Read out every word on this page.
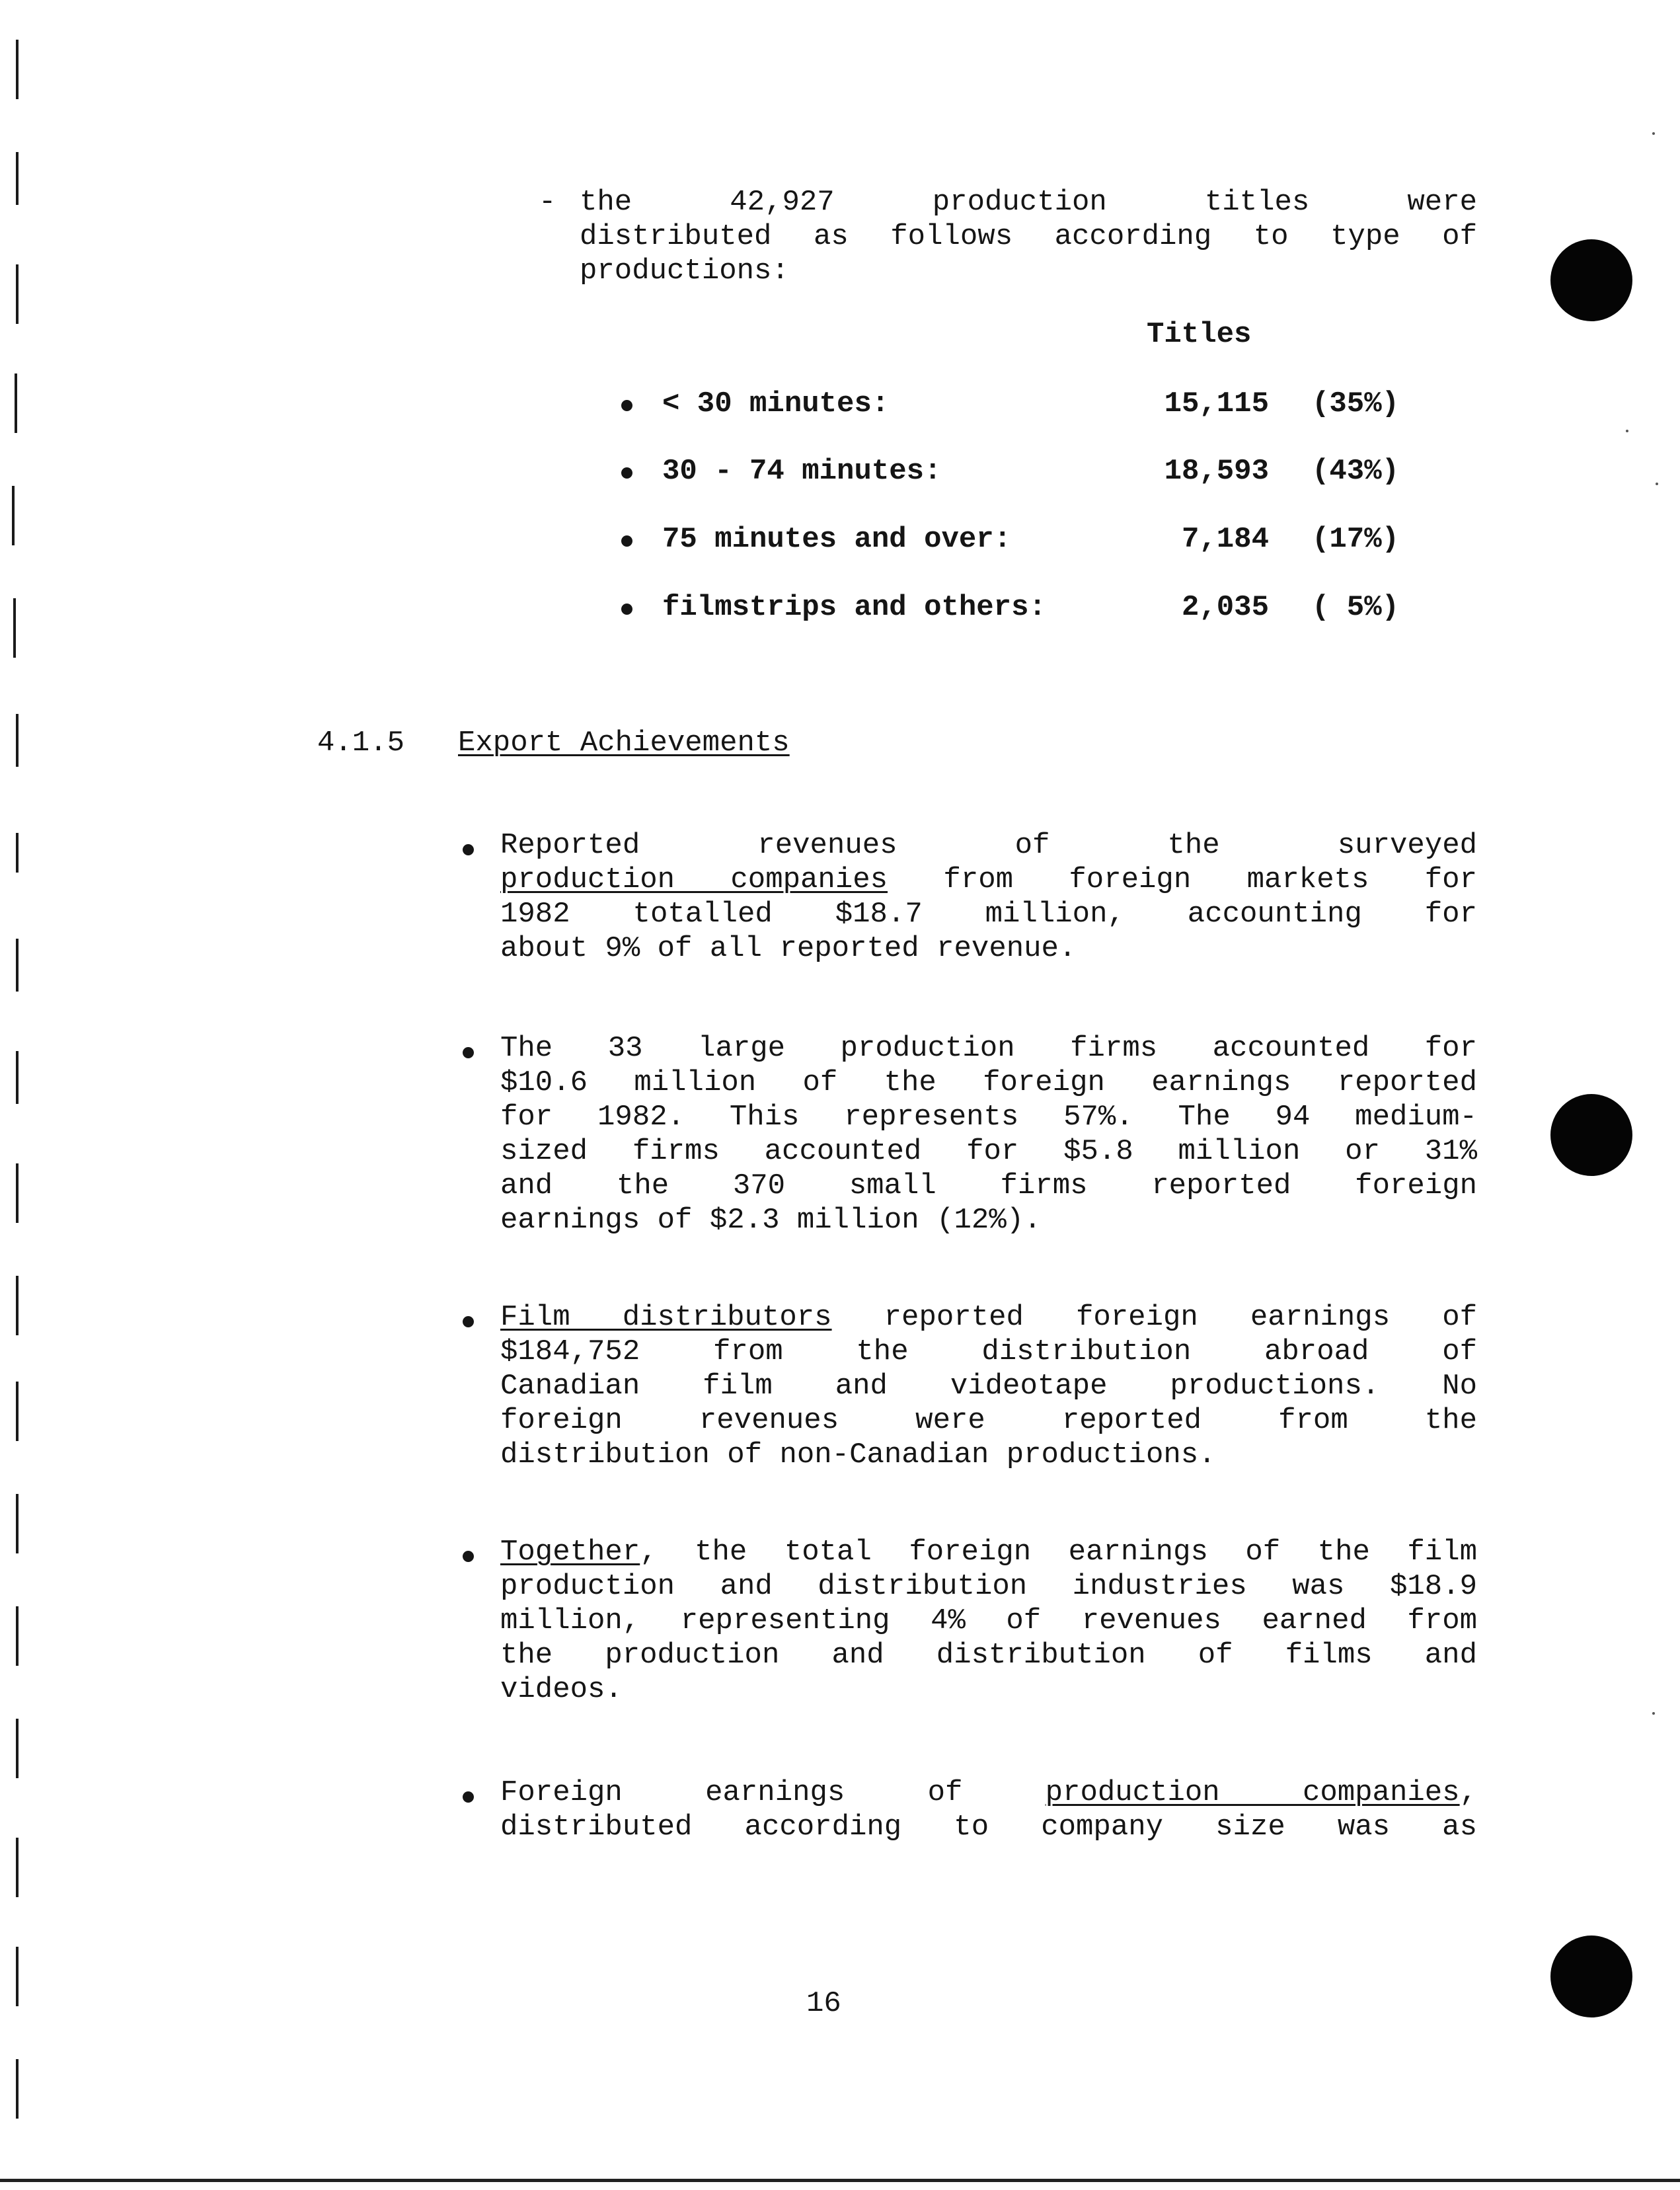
- the 42,927 production titles were
distributed as follows according to type of
productions:
Titles
< 30 minutes:	15,115 (35%)
30 - 74 minutes:	18,593 (43%)
75 minutes and over:	7,184 (17%)
filmstrips and others:	2,035 ( 5%)
4.1.5 Export Achievements
Reported revenues of the surveyed
production companies from foreign markets for
1982 totalled $18.7 million, accounting for
about 9% of all reported revenue.
The 33 large production firms accounted for
$10.6 million of the foreign earnings reported
for 1982. This represents 57%. The 94 medium-
sized firms accounted for $5.8 million or 31%
and the 370 small firms reported foreign
earnings of $2.3 million (12%).
Film distributors reported foreign earnings of
$184,752 from the distribution abroad of
Canadian film and videotape productions. No
foreign revenues were reported from the
distribution of non-Canadian productions.
Together, the total foreign earnings of the film
production and distribution industries was $18.9
million, representing 4% of revenues earned from
the production and distribution of films and
videos.
Foreign earnings of production companies,
distributed according to company size was as
16
